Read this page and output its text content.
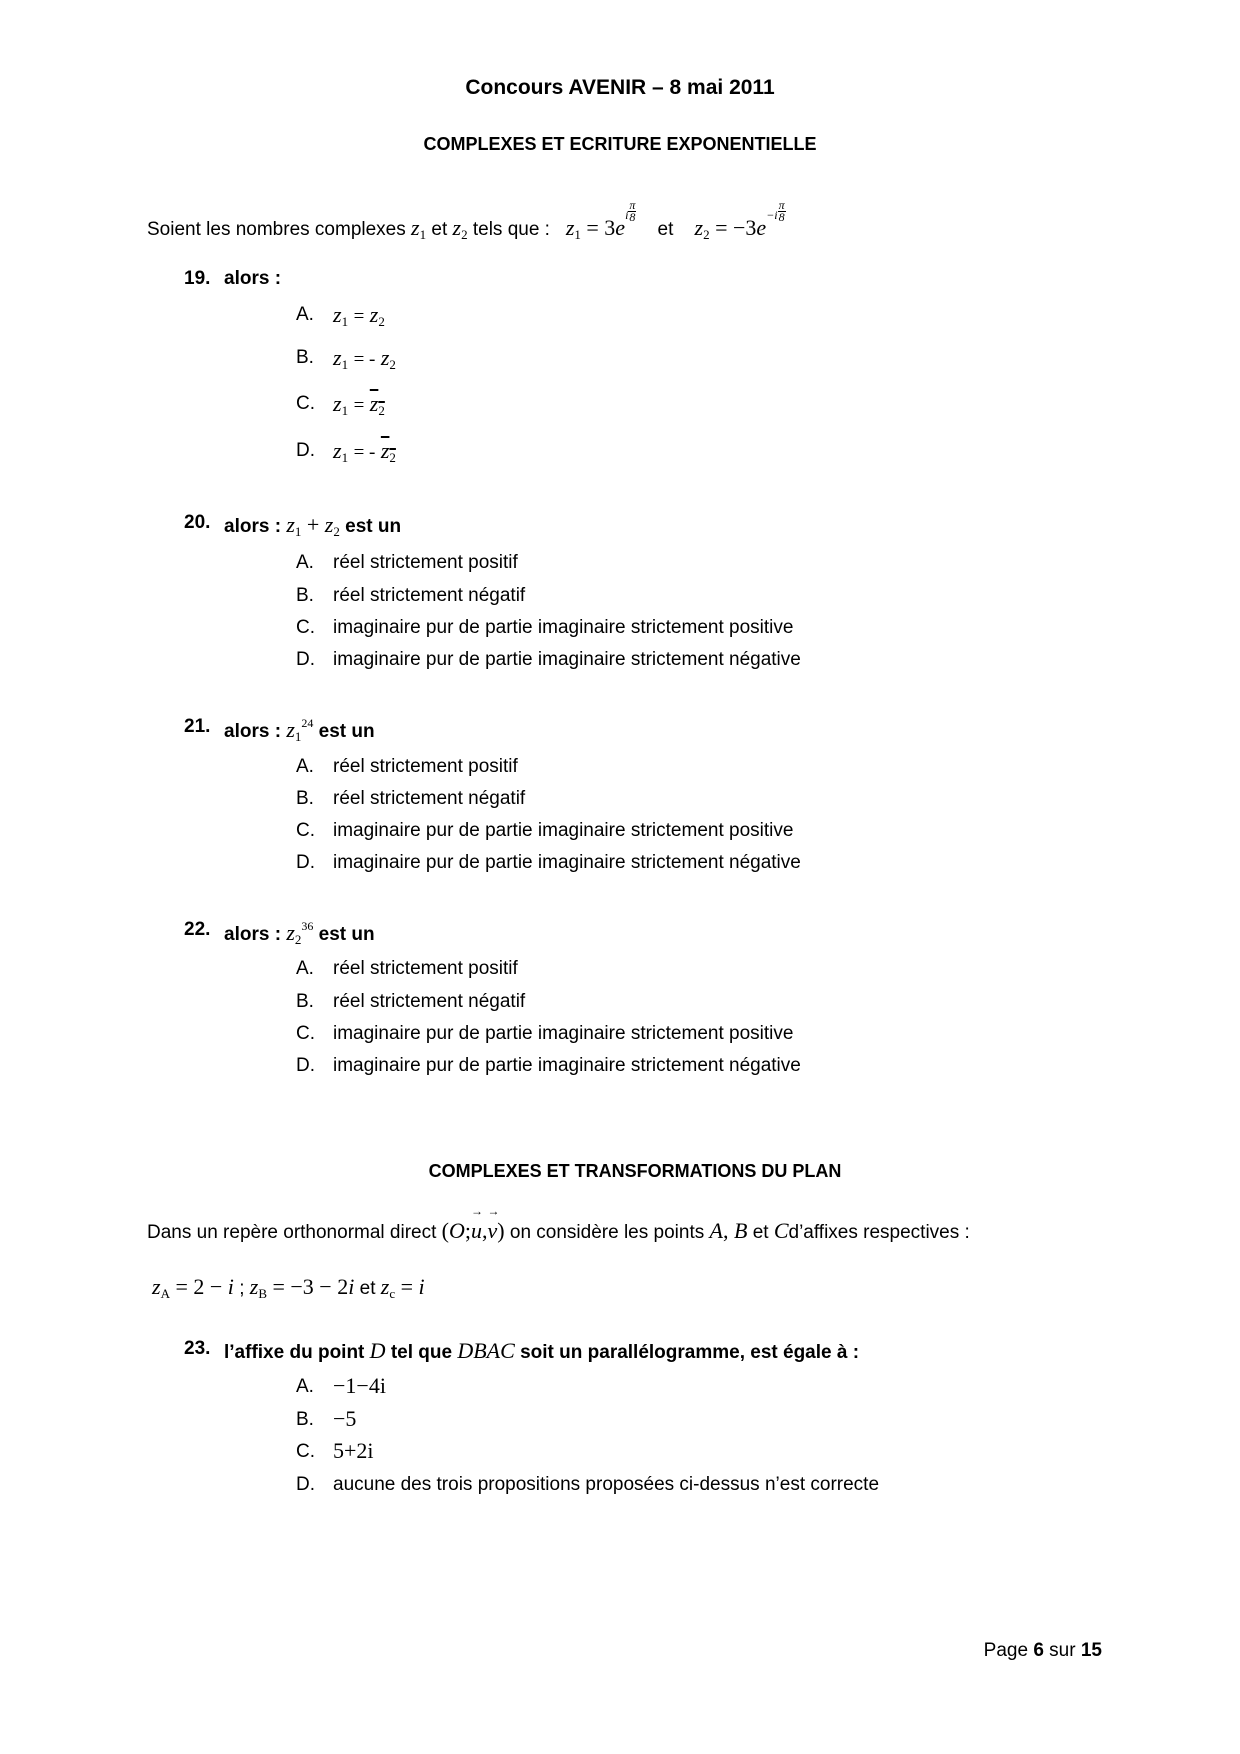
Concours AVENIR – 8 mai 2011
COMPLEXES ET ECRITURE EXPONENTIELLE
Soient les nombres complexes $z_1$ et $z_2$ tels que : $z_1 = 3ei \frac{\pi}{8}$
et $z_2 = -3e-i \frac{\pi}{8}$
19. alors :
A. $z_1 = z_2$
B. $z_1$ = - $z_2$
C. $z_1 = z_2$
D. $z_1$ = - $z_2$
20. alors : $z_1 + z_2$ est un
A. réel strictement positif
B. réel strictement négatif
C. imaginaire pur de partie imaginaire strictement positive
D. imaginaire pur de partie imaginaire strictement négative
21. alors : $z_1^{24}$ est un
A. réel strictement positif
B. réel strictement négatif
C. imaginaire pur de partie imaginaire strictement positive
D. imaginaire pur de partie imaginaire strictement négative
22. alors : $z_2^{36}$ est un
A. réel strictement positif
B. réel strictement négatif
C. imaginaire pur de partie imaginaire strictement positive
D. imaginaire pur de partie imaginaire strictement négative
COMPLEXES ET TRANSFORMATIONS DU PLAN
Dans un repère orthonormal direct (O;→ u,→ v) on considère les points A, B et Cd’affixes respectives :
$z_A = 2 - i$ ; $z_B = -3 - 2i$ et $z_c = i$
23. l’affixe du point D tel que DBAC soit un parallélogramme, est égale à :
A. −1−4i
B. −5
C. 5+2i
D. aucune des trois propositions proposées ci-dessus n’est correcte
Page 6 sur 15
